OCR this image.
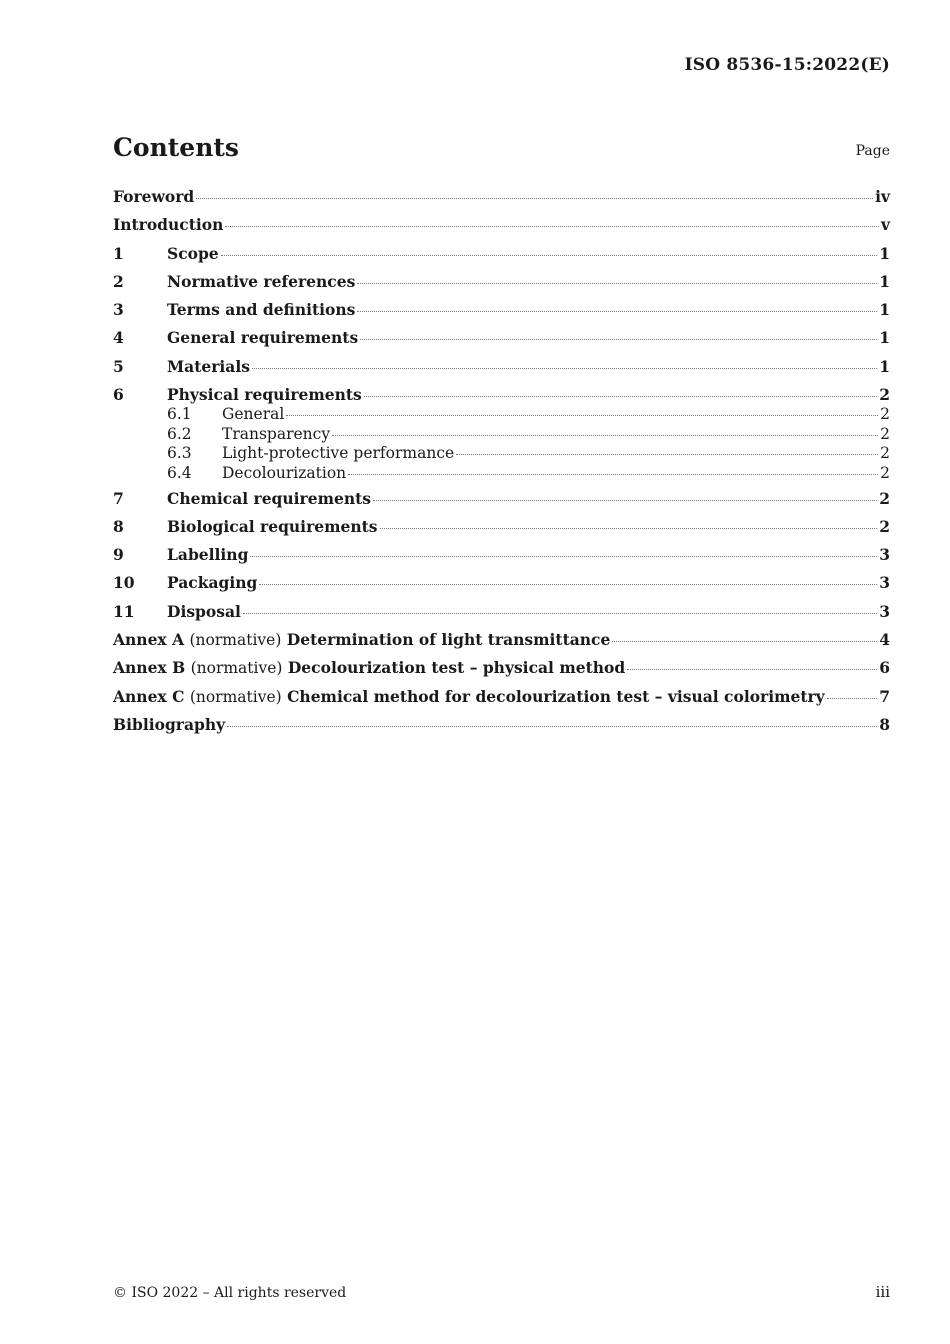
ISO 8536-15:2022(E)
Contents	Page
Foreword	iv
Introduction	v
1	Scope	1
2	Normative references	1
3	Terms and definitions	1
4	General requirements	1
5	Materials	1
6	Physical requirements	2
6.1	General	2
6.2	Transparency	2
6.3	Light-protective performance	2
6.4	Decolourization	2
7	Chemical requirements	2
8	Biological requirements	2
9	Labelling	3
10	Packaging	3
11	Disposal	3
Annex A (normative) Determination of light transmittance	4
Annex B (normative) Decolourization test – physical method	6
Annex C (normative) Chemical method for decolourization test – visual colorimetry	7
Bibliography	8
© ISO 2022 – All rights reserved	iii
